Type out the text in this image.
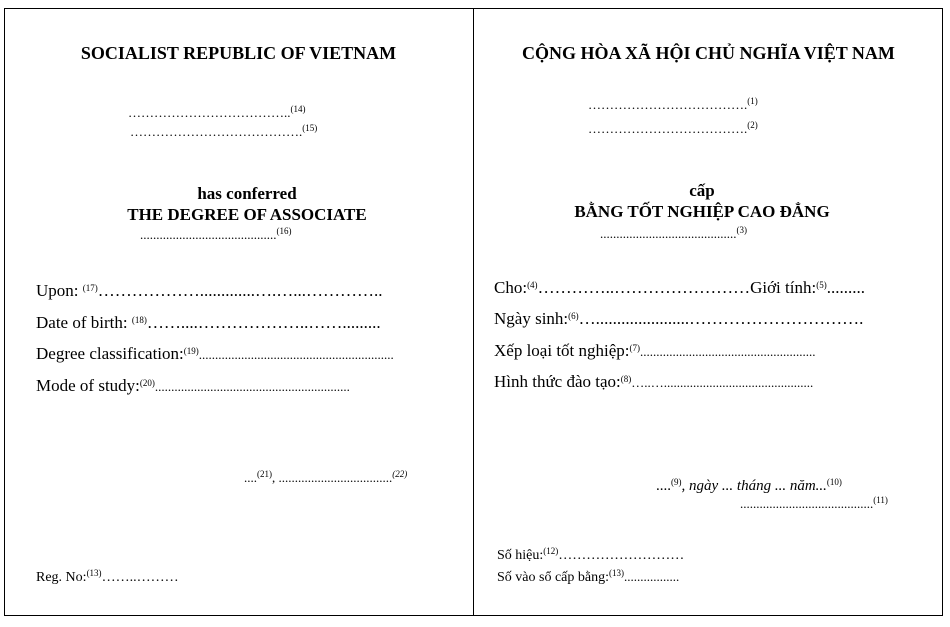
SOCIALIST REPUBLIC OF VIETNAM
………………………………..$^{(14)}$
………………………………….$^{(15)}$
has conferred
THE DEGREE OF ASSOCIATE
..........................................$^{(16)}$
Upon: $^{(17)}$……………….............….…...…………..
Date of birth: $^{(18)}$……....………………..…….........
Degree classification:$^{(19)}$............................................................
Mode of study:$^{(20)}$............................................................
....$^{(21)}$, ...................................$^{(22)}$
Reg. No:$^{(13)}$……..………
CỘNG HÒA XÃ HỘI CHỦ NGHĨA VIỆT NAM
……………………………….$^{(1)}$
……………………………….$^{(2)}$
cấp
BẰNG TỐT NGHIỆP CAO ĐẲNG
..........................................$^{(3)}$
Cho:$^{(4)}$…………..……………………Giới tính:$^{(5)}$.........
Ngày sinh:$^{(6)}$…......................………………………….
Xếp loại tốt nghiệp:$^{(7)}$......................................................
Hình thức đào tạo:$^{(8)}$…..…..............................................
....$^{(9)}$, ngày ... tháng ... năm...$^{(10)}$
.........................................$^{(11)}$
Số hiệu:$^{(12)}$………………………
Số vào sổ cấp bằng:$^{(13)}$.................
